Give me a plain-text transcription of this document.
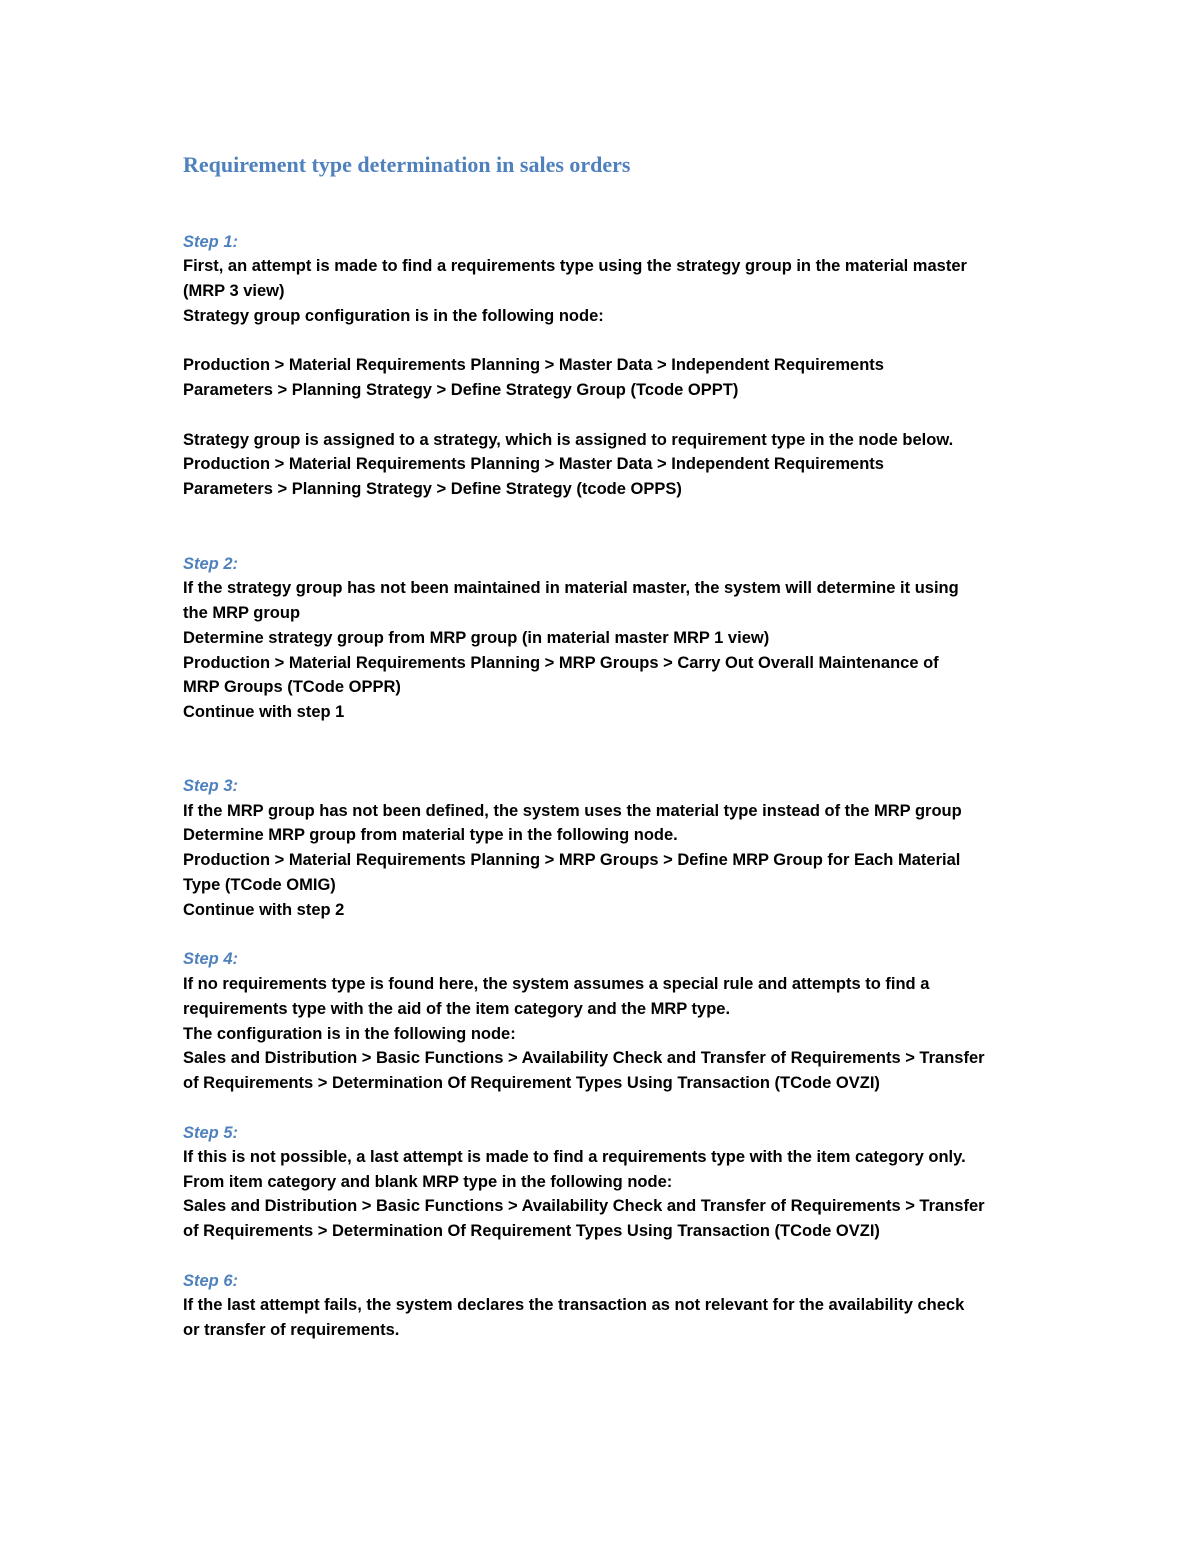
Requirement type determination in sales orders
Step 1:
First, an attempt is made to find a requirements type using the strategy group in the material master
(MRP 3 view)
Strategy group configuration is in the following node:
Production > Material Requirements Planning > Master Data > Independent Requirements
Parameters > Planning Strategy > Define Strategy Group (Tcode OPPT)
Strategy group is assigned to a strategy, which is assigned to requirement type in the node below.
Production > Material Requirements Planning > Master Data > Independent Requirements
Parameters > Planning Strategy > Define Strategy (tcode OPPS)
Step 2:
If the strategy group has not been maintained in material master, the system will determine it using
the MRP group
Determine strategy group from MRP group (in material master MRP 1 view)
Production > Material Requirements Planning > MRP Groups > Carry Out Overall Maintenance of
MRP Groups (TCode OPPR)
Continue with step 1
Step 3:
If the MRP group has not been defined, the system uses the material type instead of the MRP group
Determine MRP group from material type in the following node.
Production > Material Requirements Planning > MRP Groups > Define MRP Group for Each Material
Type (TCode OMIG)
Continue with step 2
Step 4:
If no requirements type is found here, the system assumes a special rule and attempts to find a
requirements type with the aid of the item category and the MRP type.
The configuration is in the following node:
Sales and Distribution > Basic Functions > Availability Check and Transfer of Requirements > Transfer
of Requirements > Determination Of Requirement Types Using Transaction (TCode OVZI)
Step 5:
If this is not possible, a last attempt is made to find a requirements type with the item category only.
From item category and blank MRP type in the following node:
Sales and Distribution > Basic Functions > Availability Check and Transfer of Requirements > Transfer
of Requirements > Determination Of Requirement Types Using Transaction (TCode OVZI)
Step 6:
If the last attempt fails, the system declares the transaction as not relevant for the availability check
or transfer of requirements.
